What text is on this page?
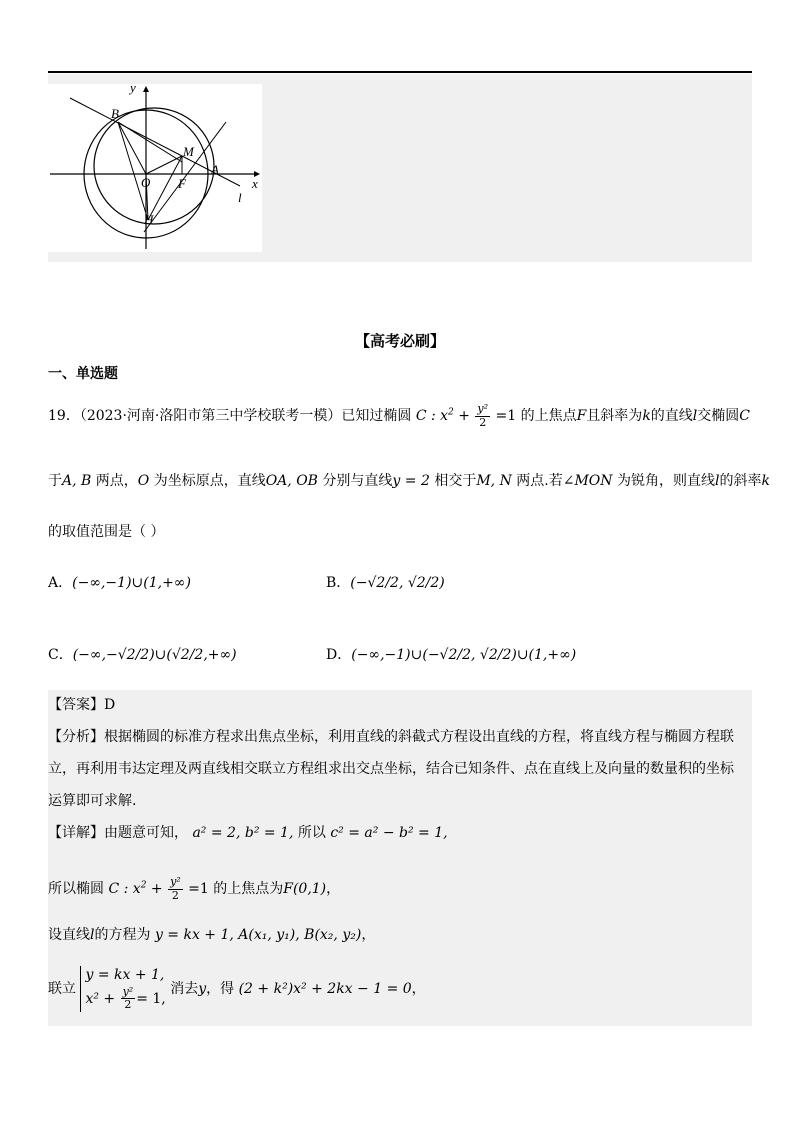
y
x
B
M
A
O F
l
H
【高考必刷】
一、单选题
19．（2023·河南·洛阳市第三中学校联考一模）已知过椭圆 C : $x^2 + \frac{\text{y²}}{2} =1$ 的上焦点F且斜率为k的直线l交椭圆C
于A, B 两点，O 为坐标原点，直线OA, OB 分别与直线y = 2 相交于M, N 两点.若∠MON 为锐角，则直线l的斜率k
的取值范围是（ ）
A．(−∞,−1)∪(1,+∞)	B．(−√2/2, √2/2)
C．(−∞,−√2/2)∪(√2/2,+∞)	D．(−∞,−1)∪(−√2/2, √2/2)∪(1,+∞)
【答案】D
【分析】根据椭圆的标准方程求出焦点坐标，利用直线的斜截式方程设出直线的方程，将直线方程与椭圆方程联
立，再利用韦达定理及两直线相交联立方程组求出交点坐标，结合已知条件、点在直线上及向量的数量积的坐标
运算即可求解.
【详解】由题意可知， a² = 2, b² = 1, 所以 c² = a² − b² = 1,
所以椭圆 C : $x^2 + \frac{\text{y²}}{2} =1$ 的上焦点为F(0,1)，
设直线l的方程为 y = kx + 1, A(x₁, y₁), B(x₂, y₂)，
联立
y = kx + 1,
$x^2 + \frac{\text{y²}}{2} = 1$,
消去y，得 (2 + k²)x² + 2kx − 1 = 0，
